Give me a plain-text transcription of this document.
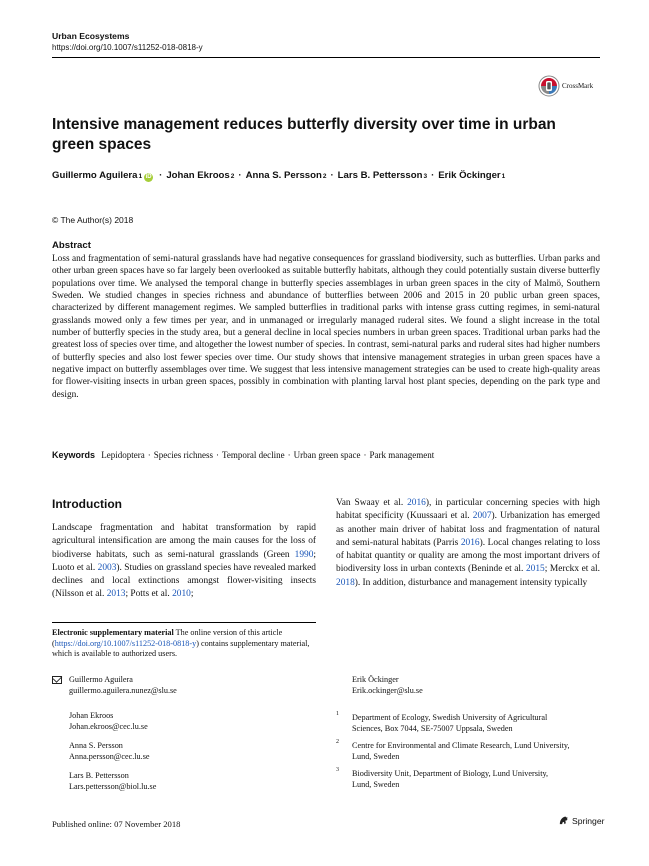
Urban Ecosystems
https://doi.org/10.1007/s11252-018-0818-y
CrossMark
Intensive management reduces butterfly diversity over time in urban green spaces
Guillermo Aguilera 1 iD · Johan Ekroos 2 · Anna S. Persson 2 · Lars B. Pettersson 3 · Erik Öckinger 1
© The Author(s) 2018
Abstract
Loss and fragmentation of semi-natural grasslands have had negative consequences for grassland biodiversity, such as butterflies. Urban parks and other urban green spaces have so far largely been overlooked as suitable butterfly habitats, although they could potentially sustain diverse butterfly populations over time. We analysed the temporal change in butterfly species assemblages in urban green spaces in the city of Malmö, Southern Sweden. We studied changes in species richness and abundance of butterflies between 2006 and 2015 in 20 public urban green spaces, characterized by different management regimes. We sampled butterflies in traditional parks with intense grass cutting regimes, in semi-natural grasslands mowed only a few times per year, and in unmanaged or irregularly managed ruderal sites. We found a slight increase in the total number of butterfly species in the study area, but a general decline in local species numbers in urban green spaces. Traditional urban parks had the greatest loss of species over time, and altogether the lowest number of species. In contrast, semi-natural parks and ruderal sites had higher numbers of butterfly species and also lost fewer species over time. Our study shows that intensive management strategies in urban green spaces have a negative impact on butterfly assemblages over time. We suggest that less intensive management strategies can be used to create high-quality areas for flower-visiting insects in urban green spaces, possibly in combination with planting larval host plant species, depending on the park type and design.
Keywords Lepidoptera · Species richness · Temporal decline · Urban green space · Park management
Introduction
Landscape fragmentation and habitat transformation by rapid agricultural intensification are among the main causes for the loss of biodiverse habitats, such as semi-natural grasslands (Green 1990; Luoto et al. 2003). Studies on grassland species have revealed marked declines and local extinctions amongst flower-visiting insects (Nilsson et al. 2013; Potts et al. 2010;
Van Swaay et al. 2016), in particular concerning species with high habitat specificity (Kuussaari et al. 2007). Urbanization has emerged as another main driver of habitat loss and fragmentation of natural and semi-natural habitats (Parris 2016). Local changes relating to loss of habitat quantity or quality are among the most important drivers of biodiversity loss in urban contexts (Beninde et al. 2015; Merckx et al. 2018). In addition, disturbance and management intensity typically
Electronic supplementary material The online version of this article (https://doi.org/10.1007/s11252-018-0818-y) contains supplementary material, which is available to authorized users.
Guillermo Aguilera
guillermo.aguilera.nunez@slu.se
Johan Ekroos
Johan.ekroos@cec.lu.se
Anna S. Persson
Anna.persson@cec.lu.se
Lars B. Pettersson
Lars.pettersson@biol.lu.se
Erik Öckinger
Erik.ockinger@slu.se
1 Department of Ecology, Swedish University of Agricultural
Sciences, Box 7044, SE-75007 Uppsala, Sweden
2 Centre for Environmental and Climate Research, Lund University,
Lund, Sweden
3 Biodiversity Unit, Department of Biology, Lund University,
Lund, Sweden
Published online: 07 November 2018	Springer
